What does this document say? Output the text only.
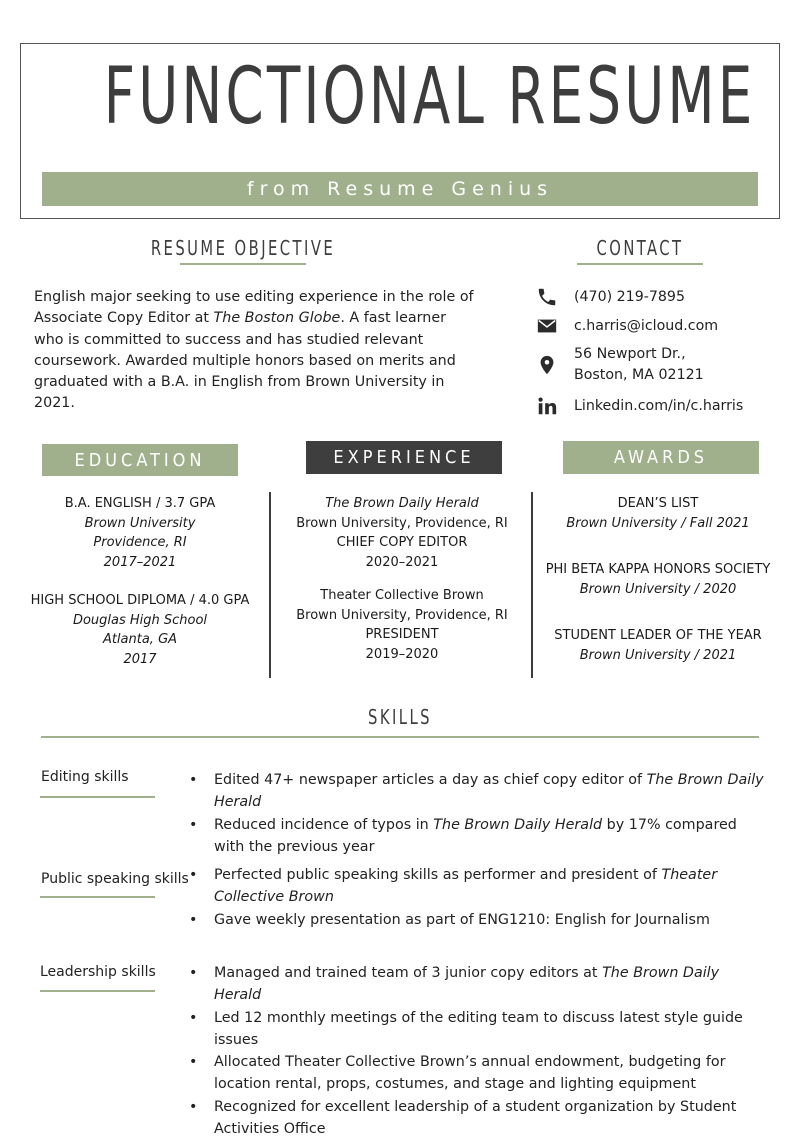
FUNCTIONAL RESUME
from Resume Genius
RESUME OBJECTIVE
English major seeking to use editing experience in the role of Associate Copy Editor at The Boston Globe. A fast learner who is committed to success and has studied relevant coursework. Awarded multiple honors based on merits and graduated with a B.A. in English from Brown University in 2021.
CONTACT
(470) 219-7895
c.harris@icloud.com
56 Newport Dr.,
Boston, MA 02121
Linkedin.com/in/c.harris
EDUCATION	EXPERIENCE	AWARDS
B.A. ENGLISH / 3.7 GPA
Brown University
Providence, RI
2017–2021
HIGH SCHOOL DIPLOMA / 4.0 GPA
Douglas High School
Atlanta, GA
2017
The Brown Daily Herald
Brown University, Providence, RI
CHIEF COPY EDITOR
2020–2021
Theater Collective Brown
Brown University, Providence, RI
PRESIDENT
2019–2020
DEAN’S LIST
Brown University / Fall 2021
PHI BETA KAPPA HONORS SOCIETY
Brown University / 2020
STUDENT LEADER OF THE YEAR
Brown University / 2021
SKILLS
Editing skills	• Edited 47+ newspaper articles a day as chief copy editor of The Brown Daily Herald
• Reduced incidence of typos in The Brown Daily Herald by 17% compared with the previous year
Public speaking skills	• Perfected public speaking skills as performer and president of Theater Collective Brown
• Gave weekly presentation as part of ENG1210: English for Journalism
Leadership skills	• Managed and trained team of 3 junior copy editors at The Brown Daily Herald
• Led 12 monthly meetings of the editing team to discuss latest style guide issues
• Allocated Theater Collective Brown’s annual endowment, budgeting for location rental, props, costumes, and stage and lighting equipment
• Recognized for excellent leadership of a student organization by Student Activities Office
